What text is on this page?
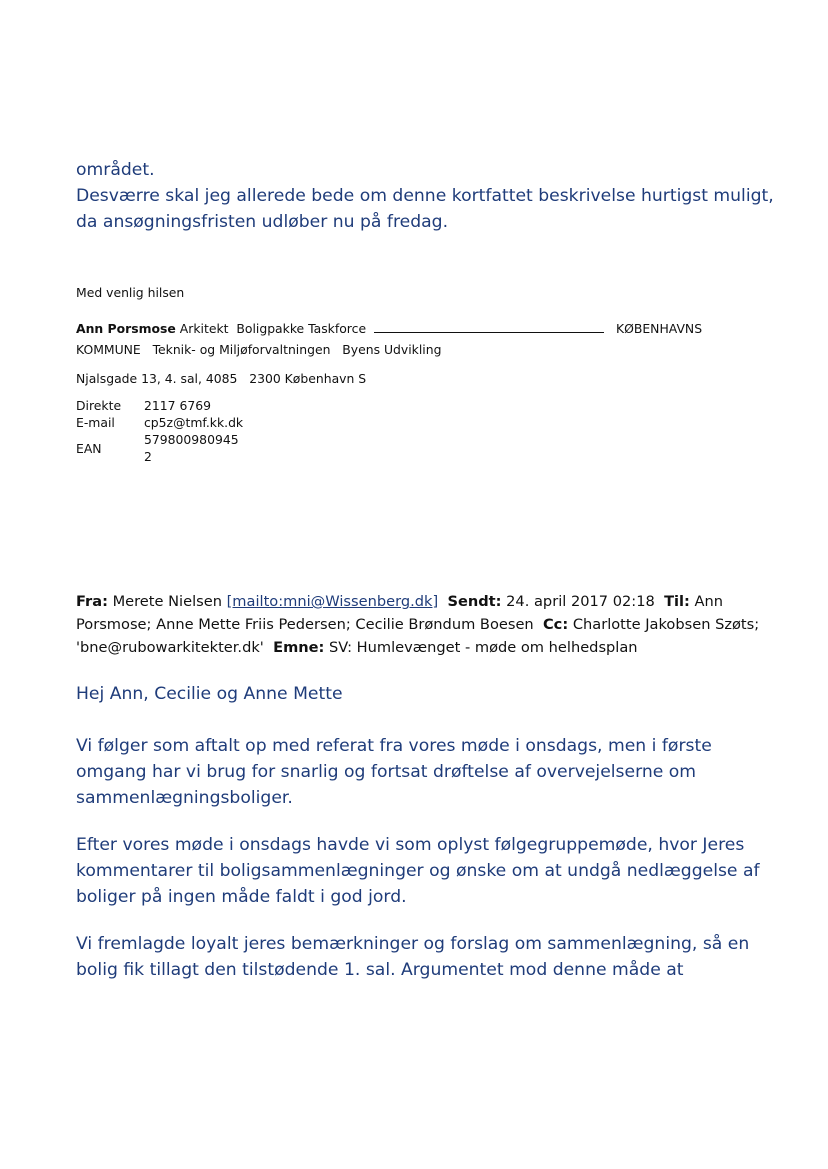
området.
Desværre skal jeg allerede bede om denne kortfattet beskrivelse hurtigst muligt,
da ansøgningsfristen udløber nu på fredag.
Med venlig hilsen
Ann Porsmose Arkitekt  Boligpakke Taskforce	KØBENHAVNS
KOMMUNE   Teknik- og Miljøforvaltningen   Byens Udvikling
Njalsgade 13, 4. sal, 4085   2300 København S
Direkte	2117 6769
E-mail	cp5z@tmf.kk.dk
EAN	5798009809452
Fra: Merete Nielsen [mailto:mni@Wissenberg.dk] Sendt: 24. april 2017 02:18 Til: Ann
Porsmose; Anne Mette Friis Pedersen; Cecilie Brøndum Boesen Cc: Charlotte Jakobsen Szøts;
'bne@rubowarkitekter.dk' Emne: SV: Humlevænget - møde om helhedsplan
Hej Ann, Cecilie og Anne Mette
Vi følger som aftalt op med referat fra vores møde i onsdags, men i første
omgang har vi brug for snarlig og fortsat drøftelse af overvejelserne om
sammenlægningsboliger.
Efter vores møde i onsdags havde vi som oplyst følgegruppemøde, hvor Jeres
kommentarer til boligsammenlægninger og ønske om at undgå nedlæggelse af
boliger på ingen måde faldt i god jord.
Vi fremlagde loyalt jeres bemærkninger og forslag om sammenlægning, så en
bolig fik tillagt den tilstødende 1. sal. Argumentet mod denne måde at
